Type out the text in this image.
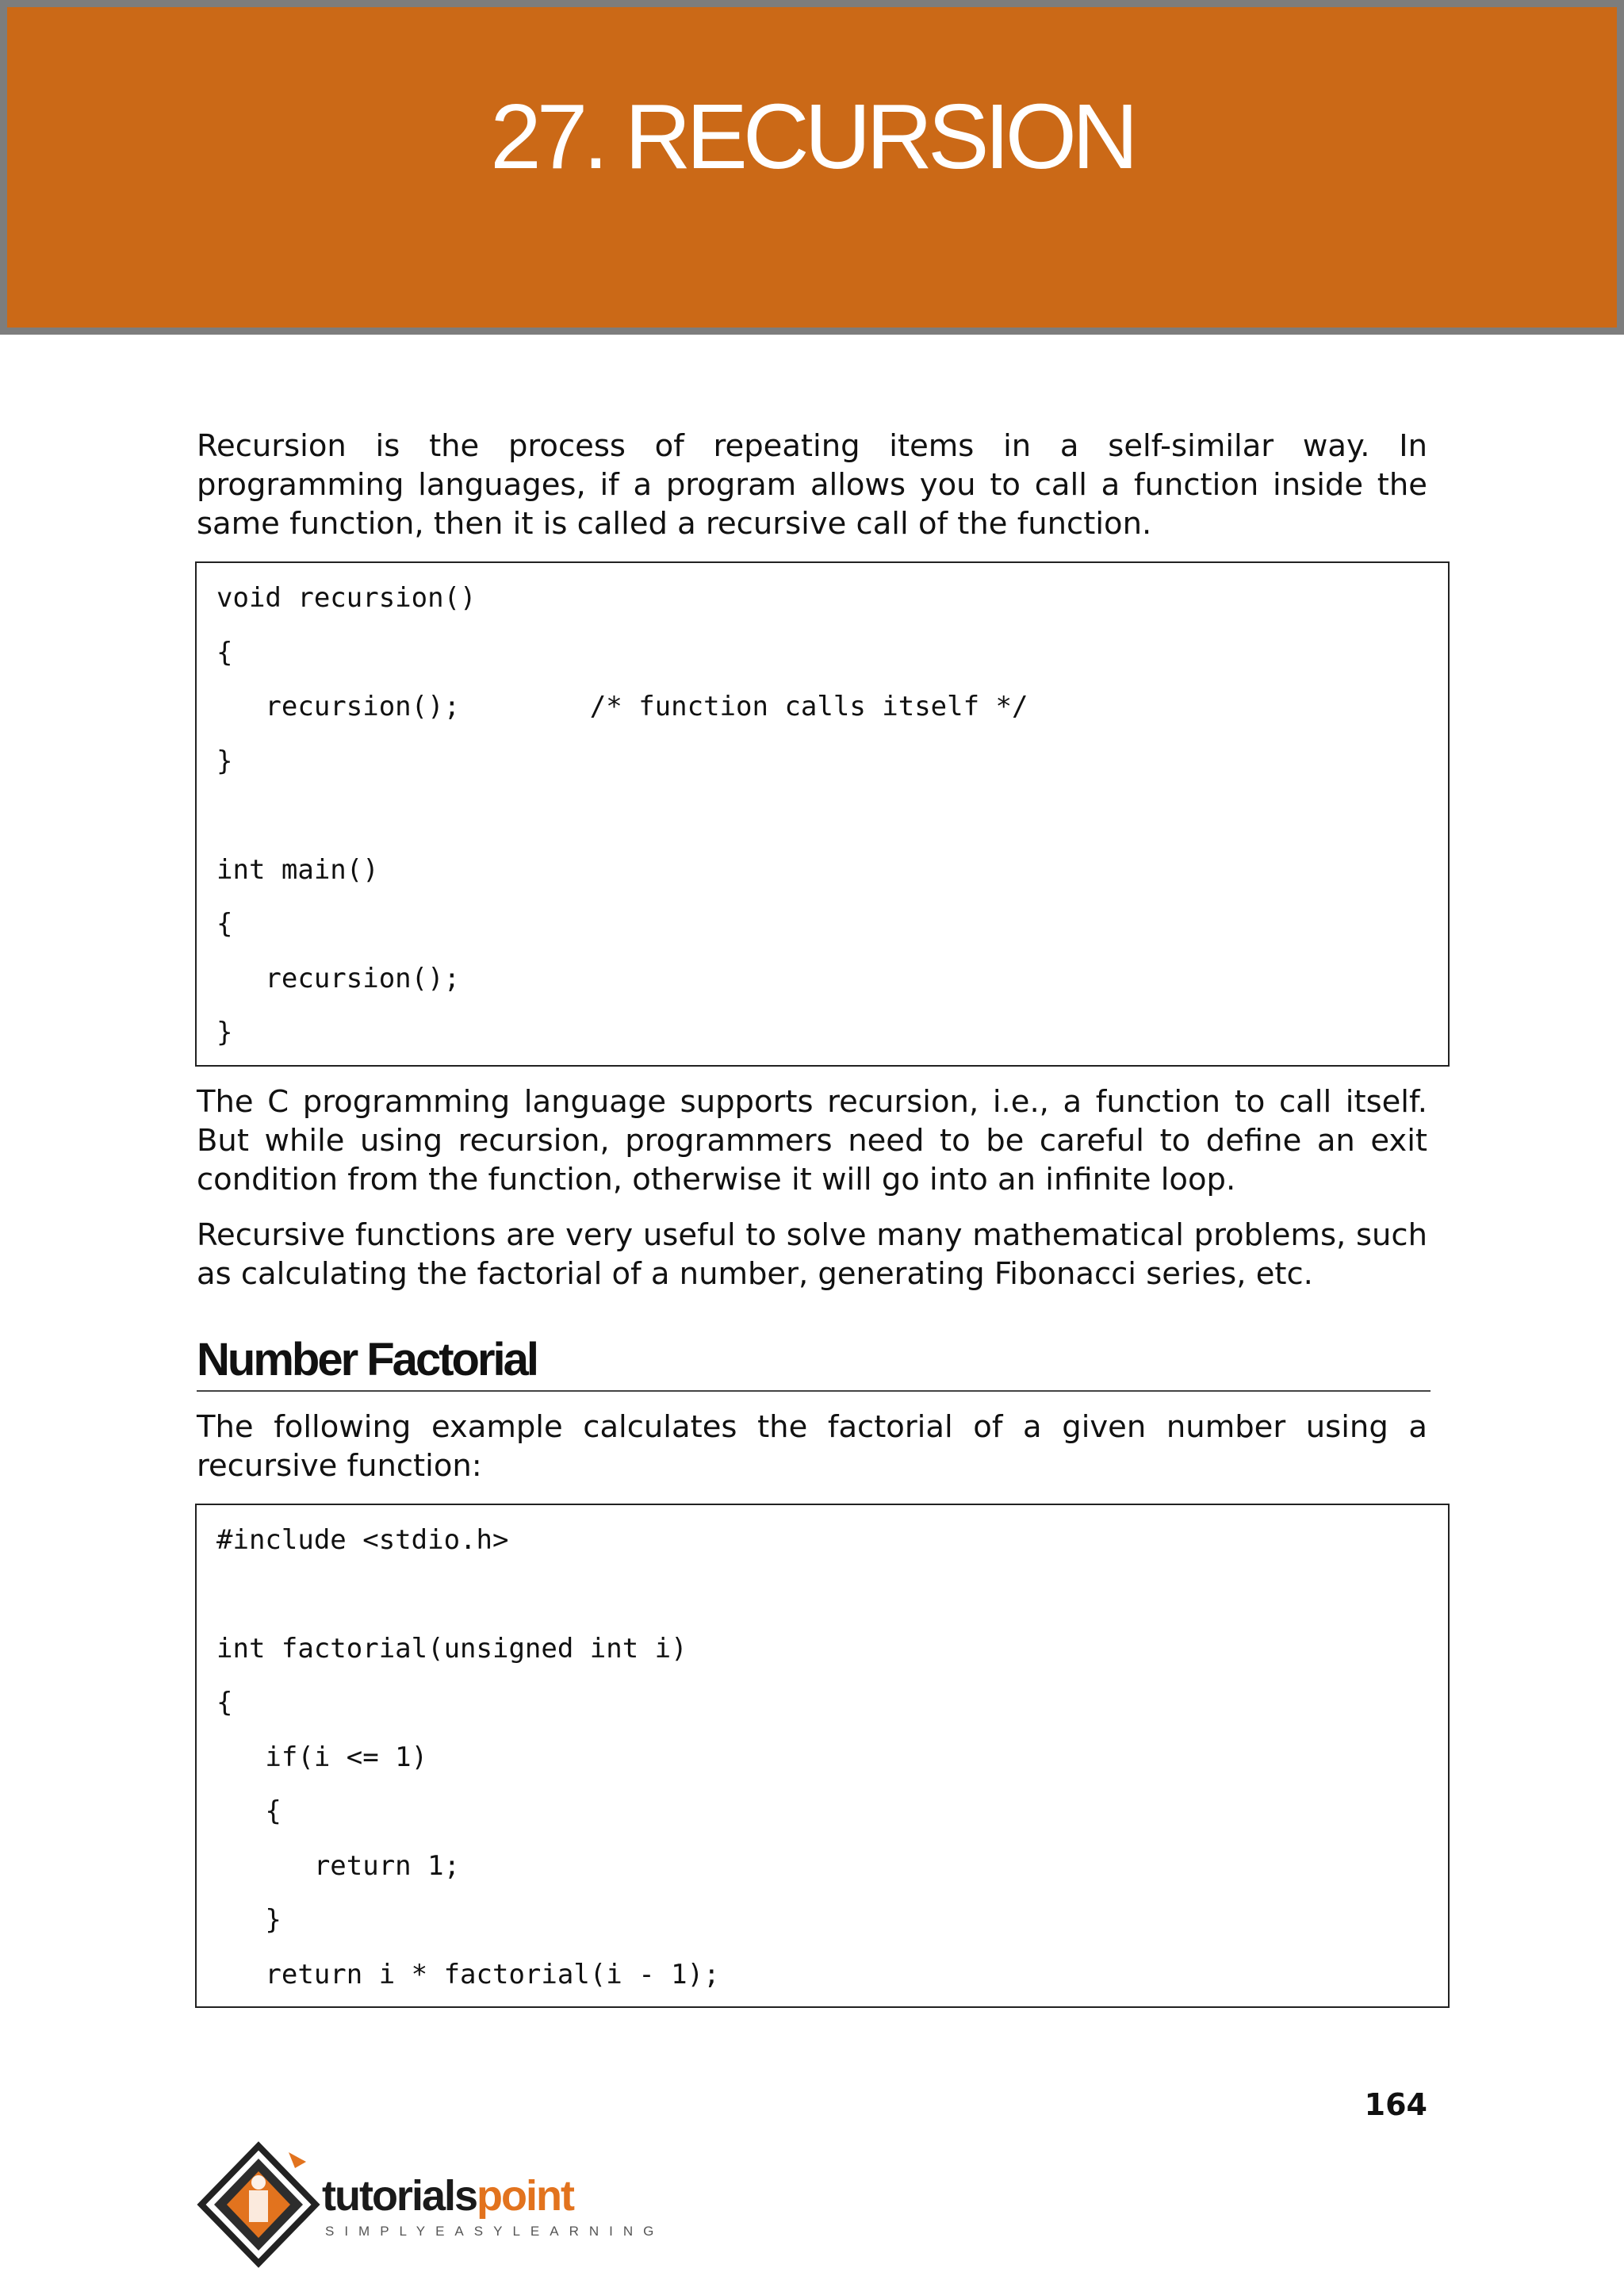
27. RECURSION

Recursion is the process of repeating items in a self-similar way. In programming languages, if a program allows you to call a function inside the same function, then it is called a recursive call of the function.

void recursion()
{
recursion();        /* function calls itself */
}
int main()
{
recursion();
}

The C programming language supports recursion, i.e., a function to call itself. But while using recursion, programmers need to be careful to define an exit condition from the function, otherwise it will go into an infinite loop.

Recursive functions are very useful to solve many mathematical problems, such as calculating the factorial of a number, generating Fibonacci series, etc.

Number Factorial

The following example calculates the factorial of a given number using a recursive function:

#include <stdio.h>
int factorial(unsigned int i)
{
if(i <= 1)
{
return 1;
}
return i * factorial(i - 1);
164
tutorialspoint
SIMPLYEASYLEARNING
